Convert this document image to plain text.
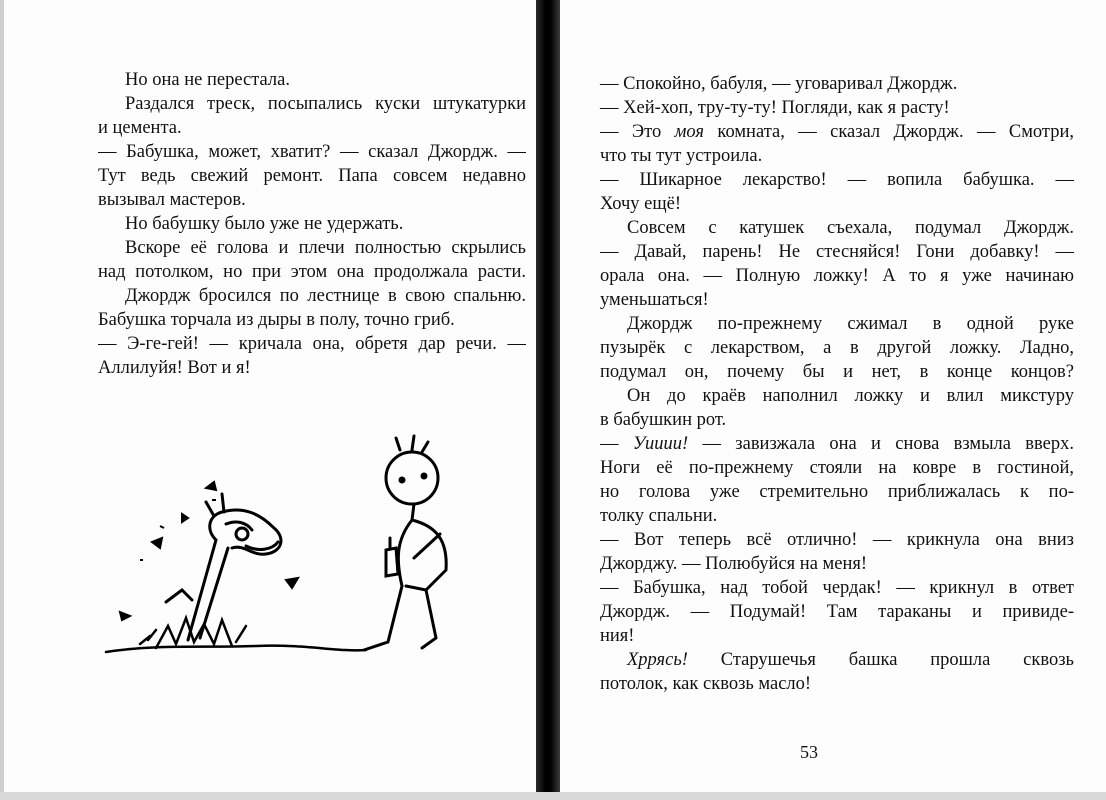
Но она не перестала.
Раздался треск, посыпались куски штукатурки
и цемента.
— Бабушка, может, хватит? — сказал Джордж. —
Тут ведь свежий ремонт. Папа совсем недавно
вызывал мастеров.
Но бабушку было уже не удержать.
Вскоре её голова и плечи полностью скрылись
над потолком, но при этом она продолжала расти.
Джордж бросился по лестнице в свою спальню.
Бабушка торчала из дыры в полу, точно гриб.
— Э-ге-гей! — кричала она, обретя дар речи. —
Аллилуйя! Вот и я!
— Спокойно, бабуля, — уговаривал Джордж.
— Хей-хоп, тру-ту-ту! Погляди, как я расту!
— Это моя комната, — сказал Джордж. — Смотри,
что ты тут устроила.
— Шикарное лекарство! — вопила бабушка. —
Хочу ещё!
Совсем с катушек съехала, подумал Джордж.
— Давай, парень! Не стесняйся! Гони добавку! —
орала она. — Полную ложку! А то я уже начинаю
уменьшаться!
Джордж по-прежнему сжимал в одной руке
пузырёк с лекарством, а в другой ложку. Ладно,
подумал он, почему бы и нет, в конце концов?
Он до краёв наполнил ложку и влил микстуру
в бабушкин рот.
— Уииии! — завизжала она и снова взмыла вверх.
Ноги её по-прежнему стояли на ковре в гостиной,
но голова уже стремительно приближалась к по-
толку спальни.
— Вот теперь всё отлично! — крикнула она вниз
Джорджу. — Полюбуйся на меня!
— Бабушка, над тобой чердак! — крикнул в ответ
Джордж. — Подумай! Там тараканы и привиде-
ния!
Хррясь! Старушечья башка прошла сквозь
потолок, как сквозь масло!
53
